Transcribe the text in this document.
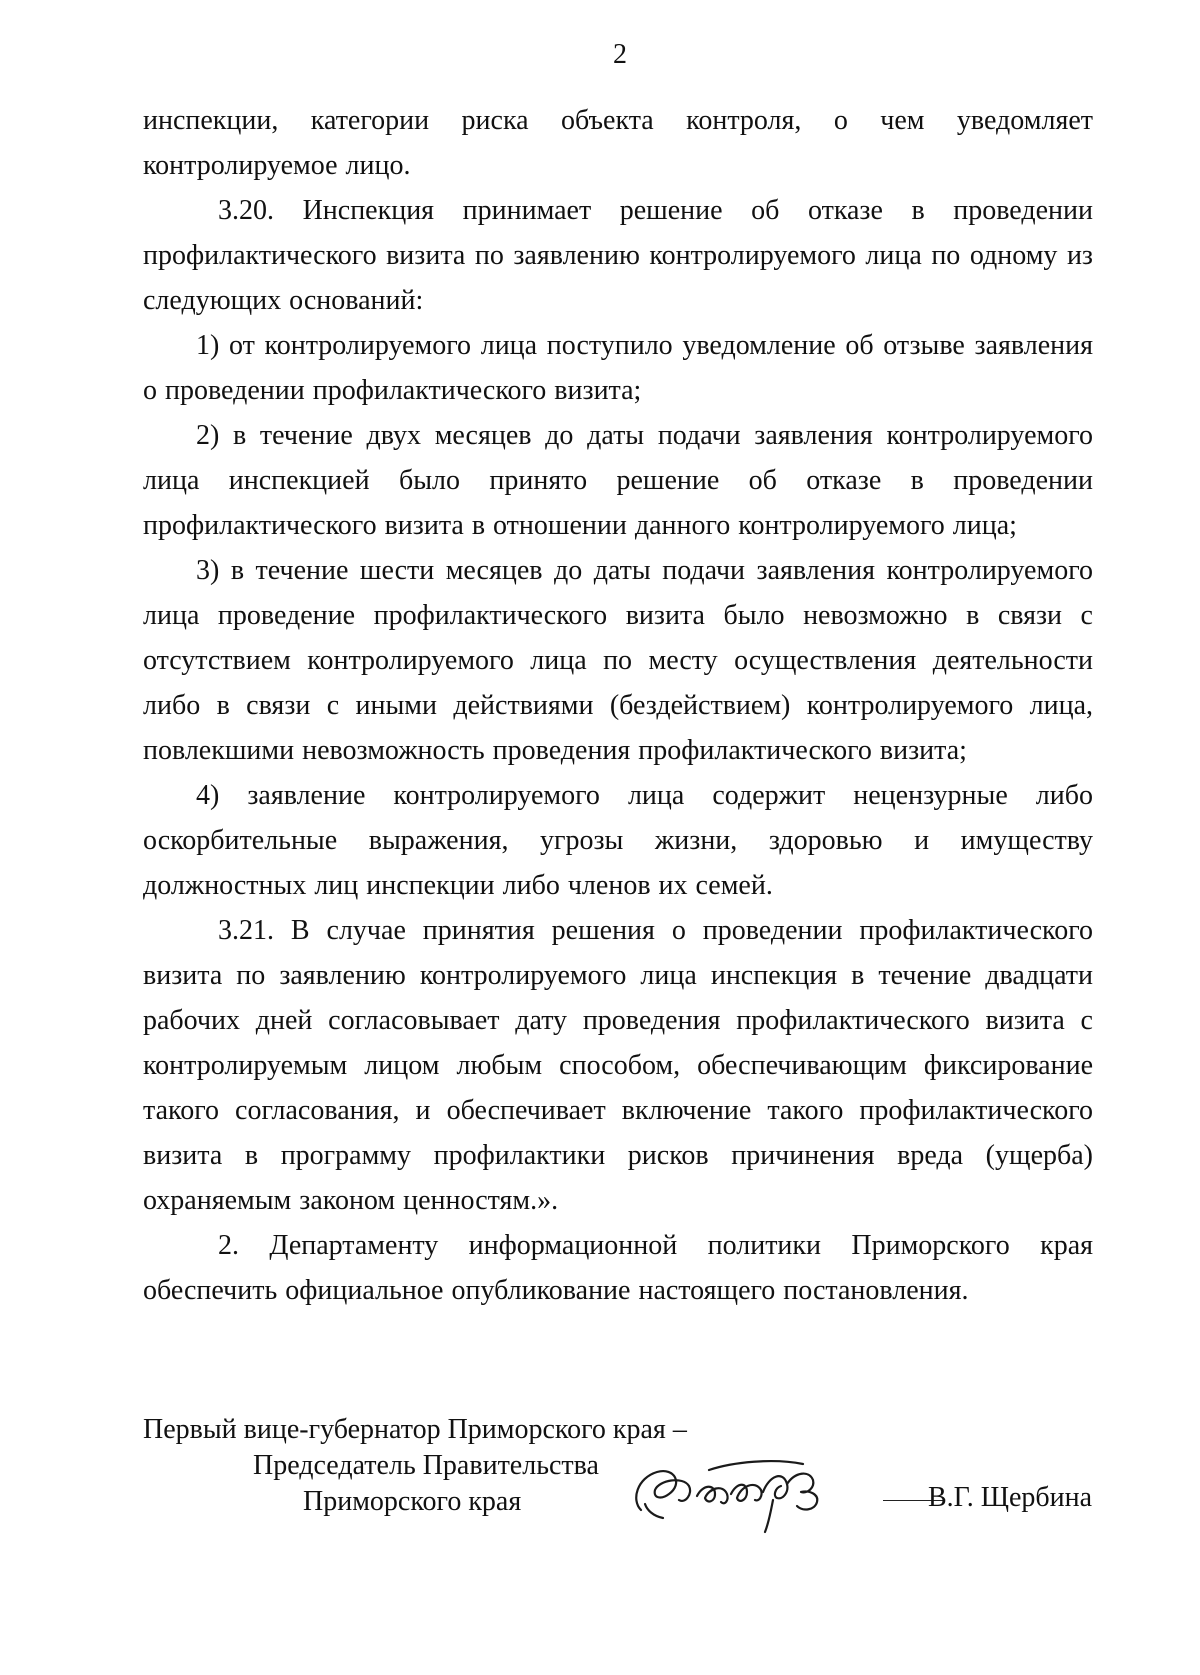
2

инспекции, категории риска объекта контроля, о чем уведомляет контролируемое лицо.

3.20. Инспекция принимает решение об отказе в проведении профилактического визита по заявлению контролируемого лица по одному из следующих оснований:

1) от контролируемого лица поступило уведомление об отзыве заявления о проведении профилактического визита;

2) в течение двух месяцев до даты подачи заявления контролируемого лица инспекцией было принято решение об отказе в проведении профилактического визита в отношении данного контролируемого лица;

3) в течение шести месяцев до даты подачи заявления контролируемого лица проведение профилактического визита было невозможно в связи с отсутствием контролируемого лица по месту осуществления деятельности либо в связи с иными действиями (бездействием) контролируемого лица, повлекшими невозможность проведения профилактического визита;

4) заявление контролируемого лица содержит нецензурные либо оскорбительные выражения, угрозы жизни, здоровью и имуществу должностных лиц инспекции либо членов их семей.

3.21. В случае принятия решения о проведении профилактического визита по заявлению контролируемого лица инспекция в течение двадцати рабочих дней согласовывает дату проведения профилактического визита с контролируемым лицом любым способом, обеспечивающим фиксирование такого согласования, и обеспечивает включение такого профилактического визита в программу профилактики рисков причинения вреда (ущерба) охраняемым законом ценностям.».

2. Департаменту информационной политики Приморского края обеспечить официальное опубликование настоящего постановления.

Первый вице-губернатор Приморского края –
Председатель Правительства
Приморского края	В.Г. Щербина
